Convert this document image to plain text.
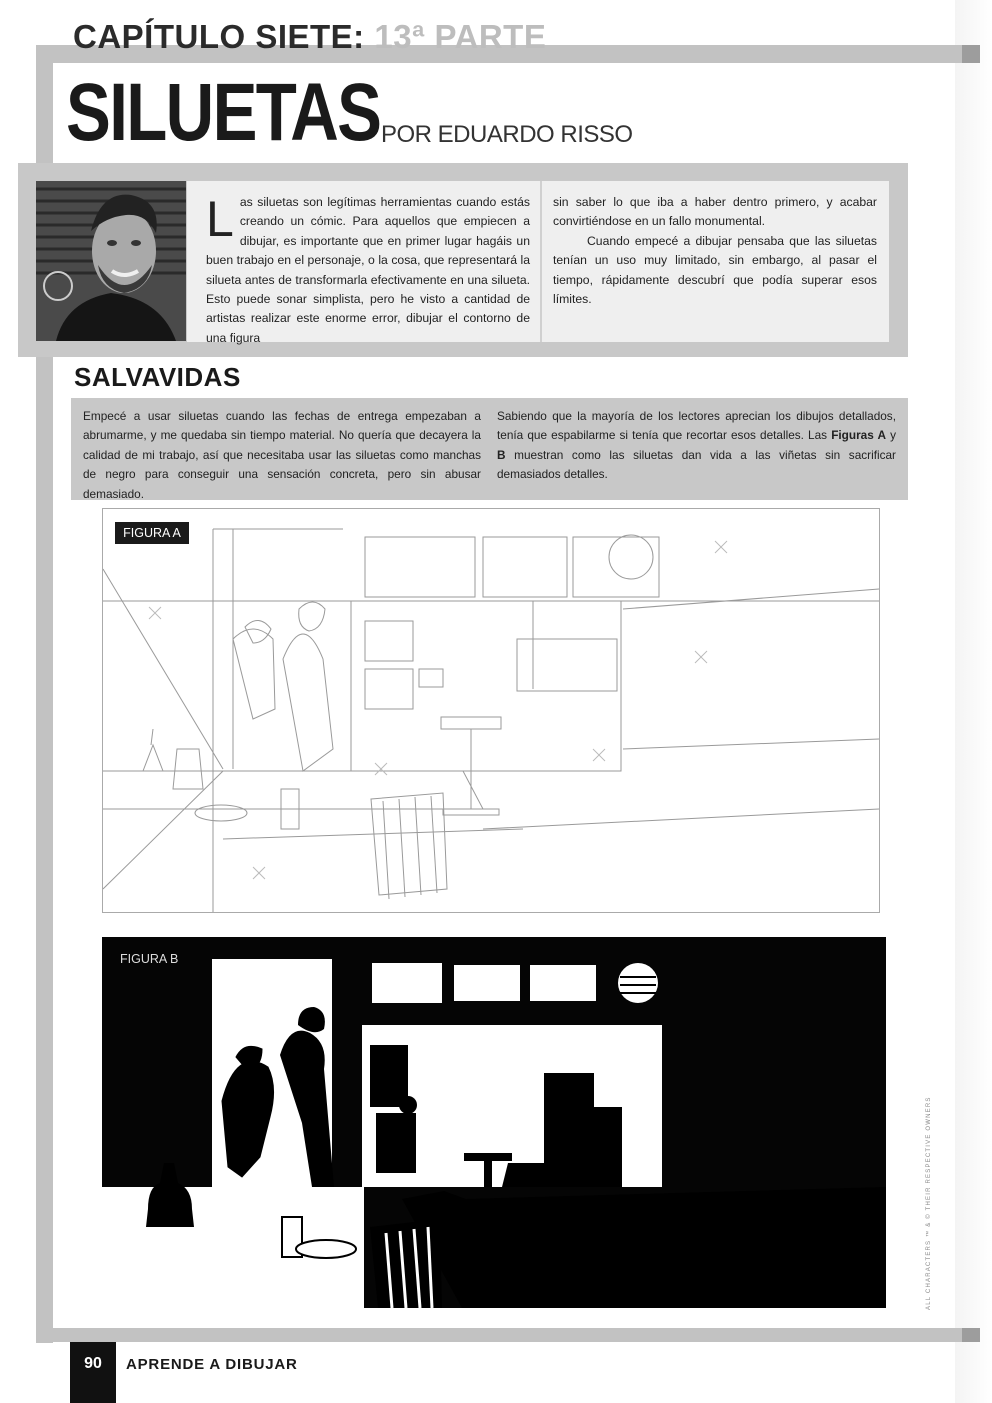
CAPÍTULO SIETE: 13ª PARTE
SILUETAS POR EDUARDO RISSO
Las siluetas son legítimas herramientas cuando estás creando un cómic. Para aquellos que empiecen a dibujar, es importante que en primer lugar hagáis un buen trabajo en el personaje, o la cosa, que representará la silueta antes de transformarla efectivamente en una silueta. Esto puede sonar simplista, pero he visto a cantidad de artistas realizar este enorme error, dibujar el contorno de una figura
sin saber lo que iba a haber dentro primero, y acabar convirtiéndose en un fallo monumental.
Cuando empecé a dibujar pensaba que las siluetas tenían un uso muy limitado, sin embargo, al pasar el tiempo, rápidamente descubrí que podía superar esos límites.
SALVAVIDAS
Empecé a usar siluetas cuando las fechas de entrega empezaban a abrumarme, y me quedaba sin tiempo material. No quería que decayera la calidad de mi trabajo, así que necesitaba usar las siluetas como manchas de negro para conseguir una sensación concreta, pero sin abusar demasiado.
Sabiendo que la mayoría de los lectores aprecian los dibujos detallados, tenía que espabilarme si tenía que recortar esos detalles. Las Figuras A y B muestran como las siluetas dan vida a las viñetas sin sacrificar demasiados detalles.
FIGURA A
FIGURA B
90	APRENDE A DIBUJAR
ALL CHARACTERS ™ & © THEIR RESPECTIVE OWNERS
